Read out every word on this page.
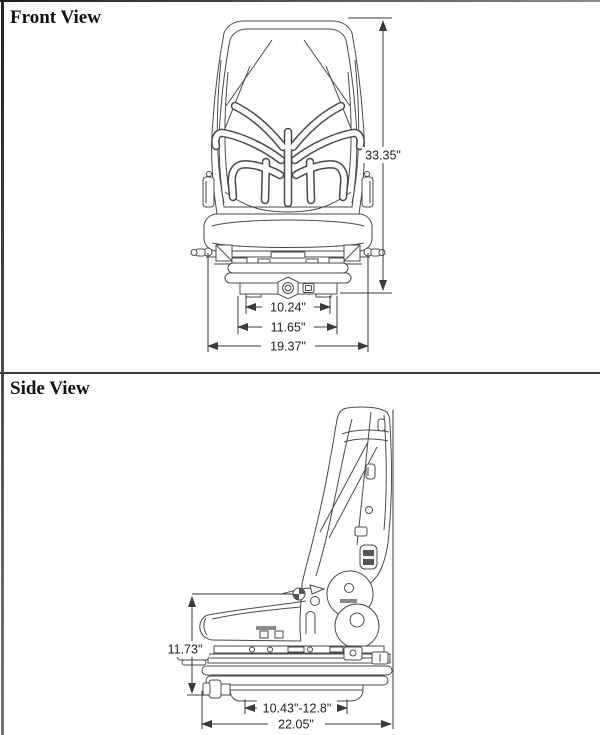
Front View
Side View
33.35"
10.24"
11.65"
19.37"
11.73"
10.43"-12.8"
22.05"
